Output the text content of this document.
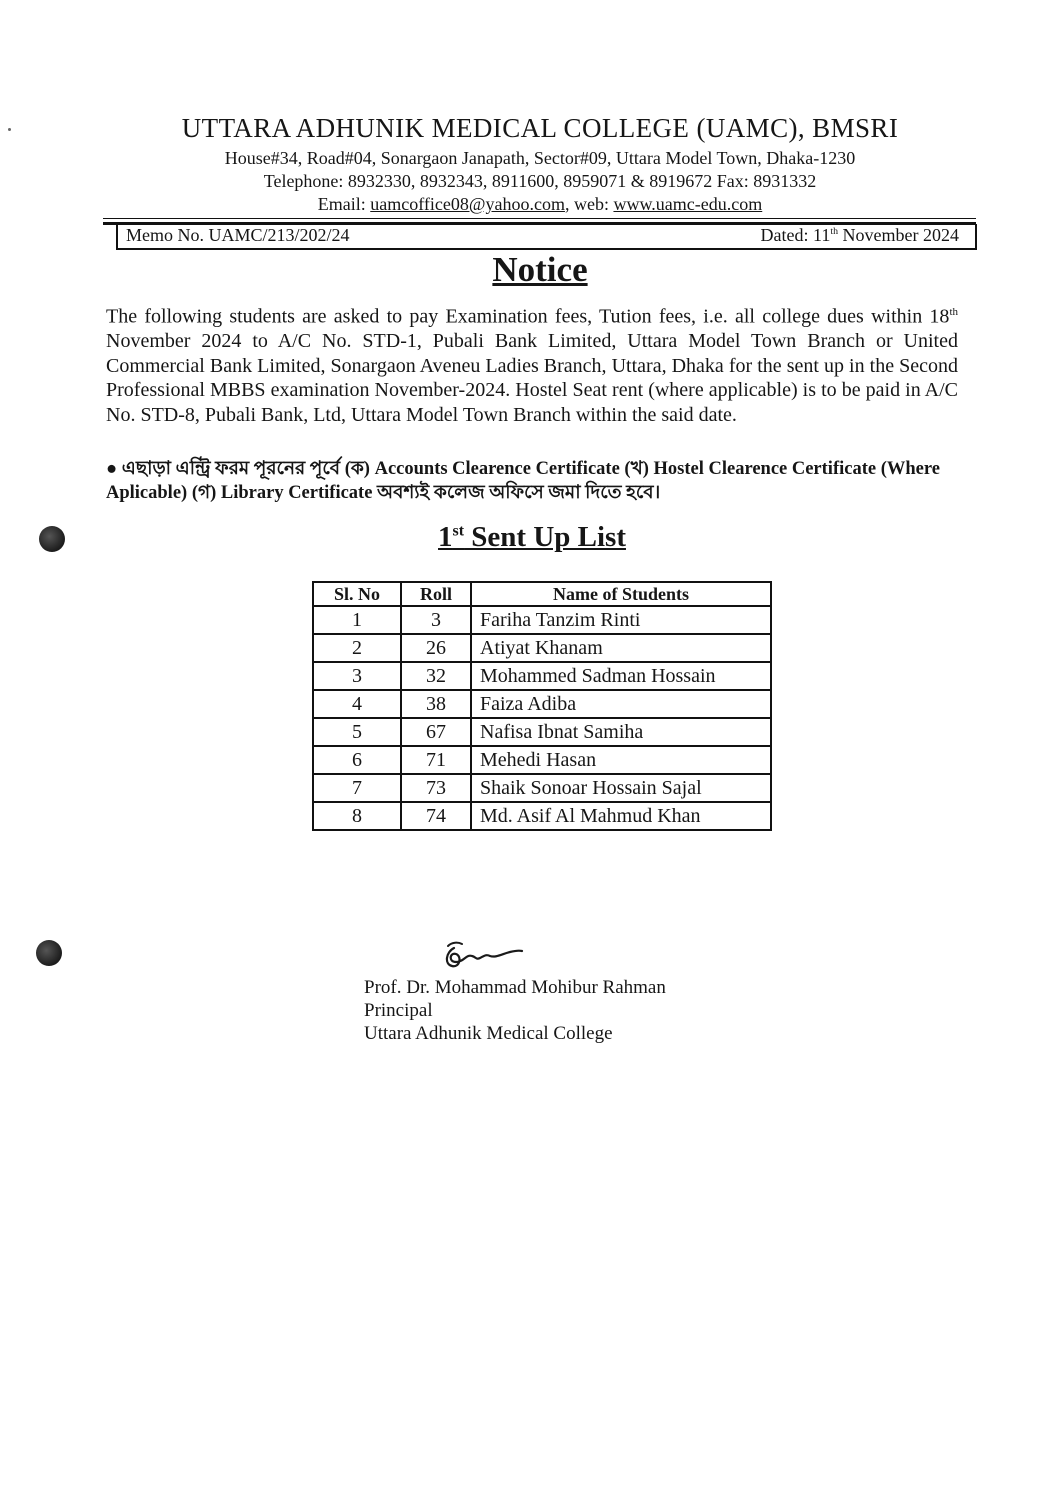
UTTARA ADHUNIK MEDICAL COLLEGE (UAMC), BMSRI
House#34, Road#04, Sonargaon Janapath, Sector#09, Uttara Model Town, Dhaka-1230
Telephone: 8932330, 8932343, 8911600, 8959071 & 8919672 Fax: 8931332
Email: uamcoffice08@yahoo.com, web: www.uamc-edu.com
Memo No. UAMC/213/202/24	Dated: 11th November 2024
Notice
The following students are asked to pay Examination fees, Tution fees, i.e. all college dues within 18th November 2024 to A/C No. STD-1, Pubali Bank Limited, Uttara Model Town Branch or United Commercial Bank Limited, Sonargaon Aveneu Ladies Branch, Uttara, Dhaka for the sent up in the Second Professional MBBS examination November-2024. Hostel Seat rent (where applicable) is to be paid in A/C No. STD-8, Pubali Bank, Ltd, Uttara Model Town Branch within the said date.
● এছাড়া এন্ট্রি ফরম পূরনের পূর্বে (ক) Accounts Clearence Certificate (খ) Hostel Clearence Certificate (Where Aplicable) (গ) Library Certificate অবশ্যই কলেজ অফিসে জমা দিতে হবে।
1st Sent Up List
Sl. No	Roll	Name of Students
1	3	Fariha Tanzim Rinti
2	26	Atiyat Khanam
3	32	Mohammed Sadman Hossain
4	38	Faiza Adiba
5	67	Nafisa Ibnat Samiha
6	71	Mehedi Hasan
7	73	Shaik Sonoar Hossain Sajal
8	74	Md. Asif Al Mahmud Khan
Prof. Dr. Mohammad Mohibur Rahman
Principal
Uttara Adhunik Medical College
